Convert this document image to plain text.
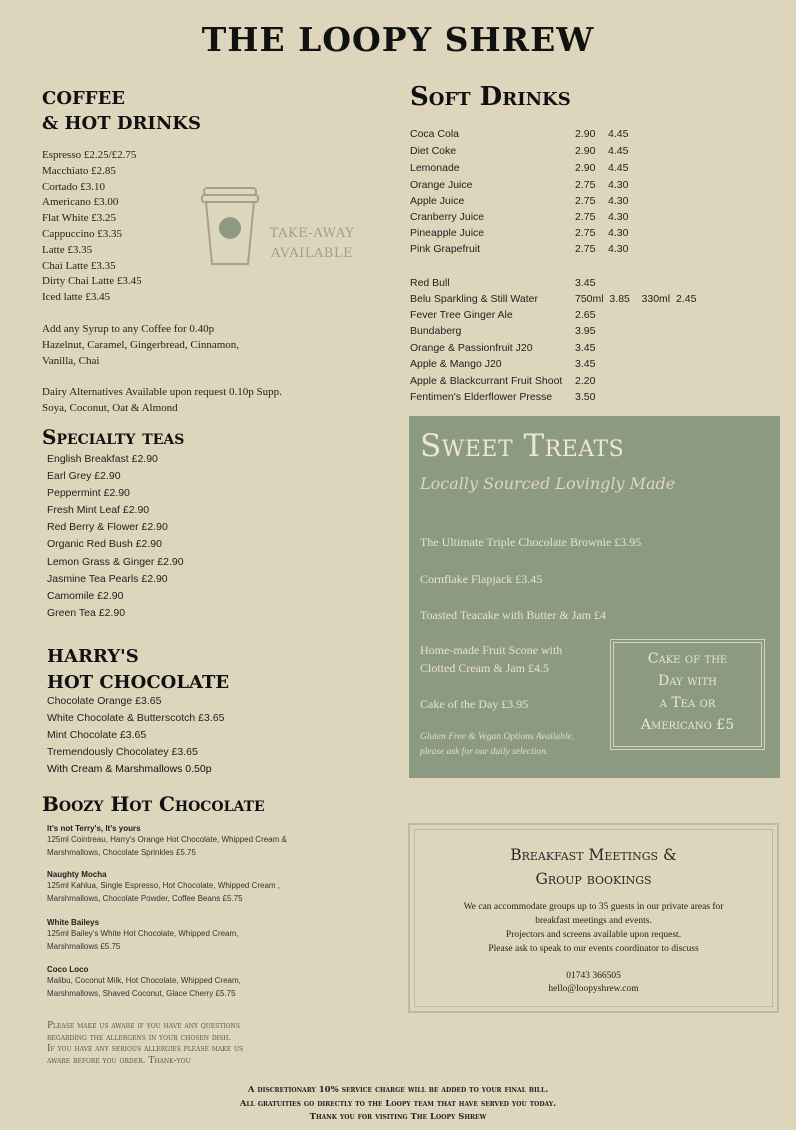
THE LOOPY SHREW
COFFEE
& HOT DRINKS
Espresso £2.25/£2.75
Macchiato £2.85
Cortado £3.10
Americano £3.00
Flat White £3.25
Cappuccino £3.35
Latte £3.35
Chai Latte £3.35
Dirty Chai Latte £3.45
Iced latte £3.45
TAKE-AWAY
AVAILABLE
Add any Syrup to any Coffee for 0.40p
Hazelnut, Caramel, Gingerbread, Cinnamon,
Vanilla, Chai
Dairy Alternatives Available upon request 0.10p Supp.
Soya, Coconut, Oat & Almond
Soft Drinks
Coca Cola	2.90 4.45
Diet Coke	2.90 4.45
Lemonade	2.90 4.45
Orange Juice	2.75 4.30
Apple Juice	2.75 4.30
Cranberry Juice	2.75 4.30
Pineapple Juice	2.75 4.30
Pink Grapefruit	2.75 4.30
Red Bull	3.45
Belu Sparkling & Still Water	750ml  3.85    330ml  2.45
Fever Tree Ginger Ale	2.65
Bundaberg	3.95
Orange & Passionfruit J20	3.45
Apple & Mango J20	3.45
Apple & Blackcurrant Fruit Shoot 2.20
Fentimen's Elderflower Presse 3.50
Sweet Treats
Locally Sourced Lovingly Made
The Ultimate Triple Chocolate Brownie £3.95
Cornflake Flapjack £3.45
Toasted Teacake with Butter & Jam £4
Home-made Fruit Scone with
Clotted Cream & Jam £4.5
Cake of the Day £3.95
Gluten Free & Vegan Options Available,
please ask for our daily selection.
Cake of the
Day with
a Tea or
Americano £5
Specialty teas
English Breakfast £2.90
Earl Grey £2.90
Peppermint £2.90
Fresh Mint Leaf £2.90
Red Berry & Flower £2.90
Organic Red Bush £2.90
Lemon Grass & Ginger £2.90
Jasmine Tea Pearls £2.90
Camomile £2.90
Green Tea £2.90
HARRY'S
HOT CHOCOLATE
Chocolate Orange £3.65
White Chocolate & Butterscotch £3.65
Mint Chocolate £3.65
Tremendously Chocolatey £3.65
With Cream & Marshmallows 0.50p
Boozy Hot Chocolate
It's not Terry's, It's yours
125ml Cointreau, Harry's Orange Hot Chocolate, Whipped Cream &
Marshmallows, Chocolate Sprinkles £5.75
Naughty Mocha
125ml Kahlua, Single Espresso, Hot Chocolate, Whipped Cream ,
Marshmallows, Chocolate Powder, Coffee Beans £5.75
White Baileys
125ml Bailey's White Hot Chocolate, Whipped Cream,
Marshmallows £5.75
Coco Loco
Malibu, Coconut Milk, Hot Chocolate, Whipped Cream,
Marshmallows, Shaved Coconut, Glace Cherry £5.75
Please make us aware if you have any questions
regarding the allergens in your chosen dish.
If you have any serious allergies please make us
aware before you order. Thank-you
Breakfast Meetings &
Group bookings
We can accommodate groups up to 35 guests in our private areas for
breakfast meetings and events.
Projectors and screens available upon request.
Please ask to speak to our events coordinator to discuss
01743 366505
hello@loopyshrew.com
A discretionary 10% service charge will be added to your final bill.
All gratuities go directly to the Loopy team that have served you today.
Thank you for visiting The Loopy Shrew
